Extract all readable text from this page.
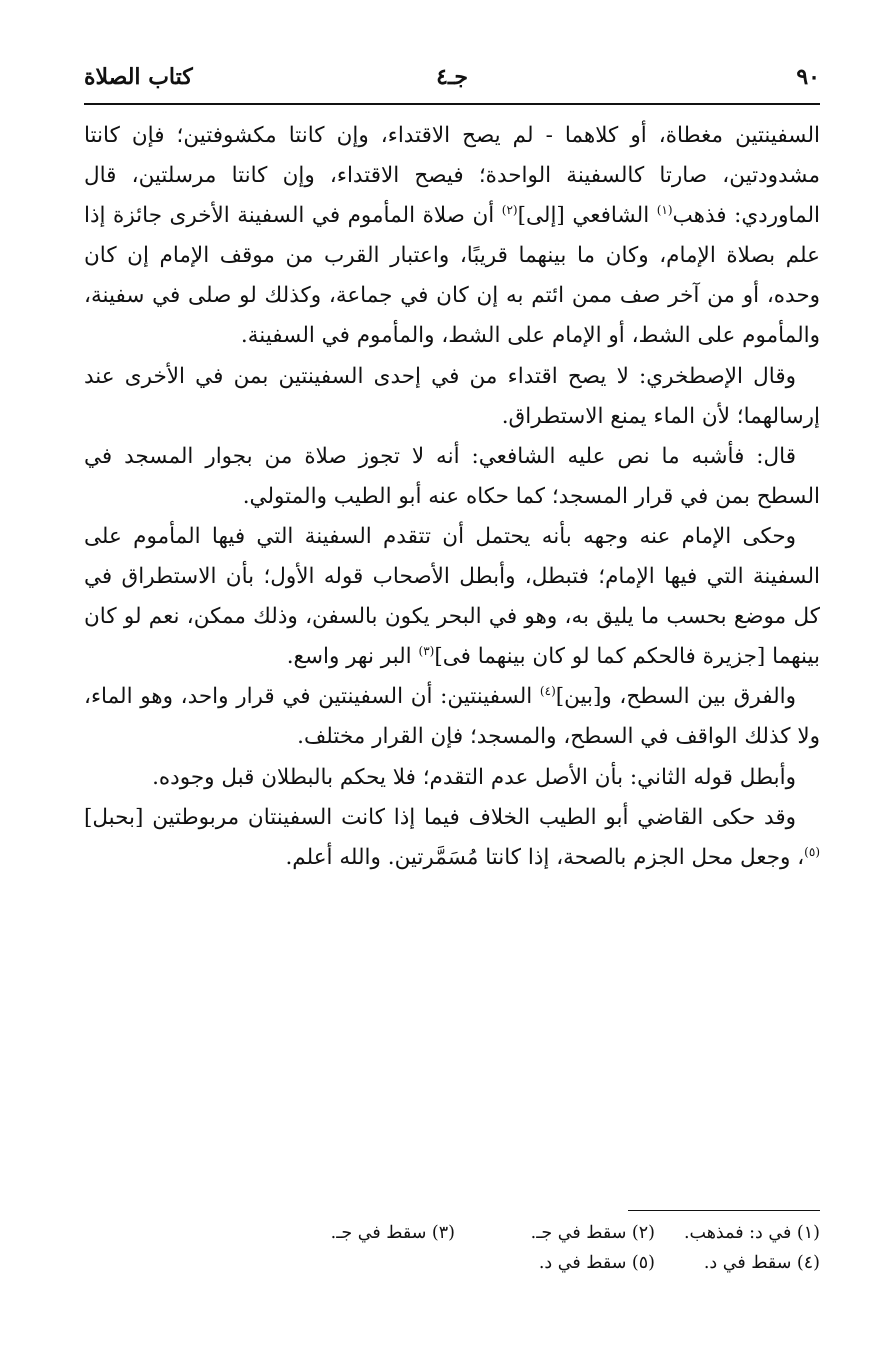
٩٠
جـ٤
كتاب الصلاة

السفينتين مغطاة، أو كلاهما - لم يصح الاقتداء، وإن كانتا مكشوفتين؛ فإن كانتا مشدودتين، صارتا كالسفينة الواحدة؛ فيصح الاقتداء، وإن كانتا مرسلتين، قال الماوردي: فذهب$^{(١)}$ الشافعي [إلى]$^{(٢)}$ أن صلاة المأموم في السفينة الأخرى جائزة إذا علم بصلاة الإمام، وكان ما بينهما قريبًا، واعتبار القرب من موقف الإمام إن كان وحده، أو من آخر صف ممن ائتم به إن كان في جماعة، وكذلك لو صلى في سفينة، والمأموم على الشط، أو الإمام على الشط، والمأموم في السفينة.

وقال الإصطخري: لا يصح اقتداء من في إحدى السفينتين بمن في الأخرى عند إرسالهما؛ لأن الماء يمنع الاستطراق.

قال: فأشبه ما نص عليه الشافعي: أنه لا تجوز صلاة من بجوار المسجد في السطح بمن في قرار المسجد؛ كما حكاه عنه أبو الطيب والمتولي.

وحكى الإمام عنه وجهه بأنه يحتمل أن تتقدم السفينة التي فيها المأموم على السفينة التي فيها الإمام؛ فتبطل، وأبطل الأصحاب قوله الأول؛ بأن الاستطراق في كل موضع بحسب ما يليق به، وهو في البحر يكون بالسفن، وذلك ممكن، نعم لو كان بينهما [جزيرة فالحكم كما لو كان بينهما فى]$^{(٣)}$ البر نهر واسع.

والفرق بين السطح، و[بين]$^{(٤)}$ السفينتين: أن السفينتين في قرار واحد، وهو الماء، ولا كذلك الواقف في السطح، والمسجد؛ فإن القرار مختلف.

وأبطل قوله الثاني: بأن الأصل عدم التقدم؛ فلا يحكم بالبطلان قبل وجوده.

وقد حكى القاضي أبو الطيب الخلاف فيما إذا كانت السفينتان مربوطتين [بحبل]$^{(٥)}$، وجعل محل الجزم بالصحة، إذا كانتا مُسَمَّرتين. والله أعلم.

(١) في د: فمذهب.
(٢) سقط في جـ.
(٣) سقط في جـ.
(٤) سقط في د.
(٥) سقط في د.
